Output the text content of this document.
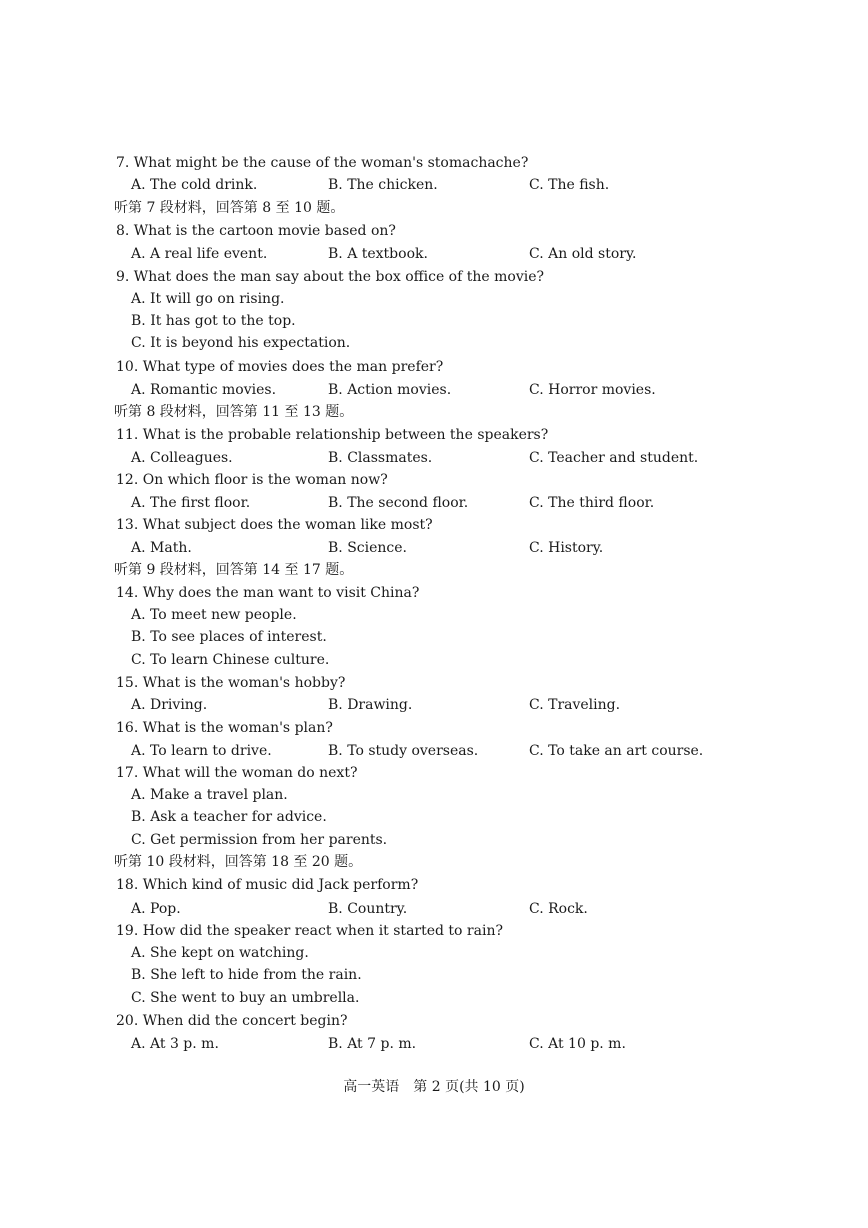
7. What might be the cause of the woman's stomachache?
A. The cold drink.	B. The chicken.	C. The fish.
听第 7 段材料，回答第 8 至 10 题。
8. What is the cartoon movie based on?
A. A real life event.	B. A textbook.	C. An old story.
9. What does the man say about the box office of the movie?
A. It will go on rising.
B. It has got to the top.
C. It is beyond his expectation.
10. What type of movies does the man prefer?
A. Romantic movies.	B. Action movies.	C. Horror movies.
听第 8 段材料，回答第 11 至 13 题。
11. What is the probable relationship between the speakers?
A. Colleagues.	B. Classmates.	C. Teacher and student.
12. On which floor is the woman now?
A. The first floor.	B. The second floor.	C. The third floor.
13. What subject does the woman like most?
A. Math.	B. Science.	C. History.
听第 9 段材料，回答第 14 至 17 题。
14. Why does the man want to visit China?
A. To meet new people.
B. To see places of interest.
C. To learn Chinese culture.
15. What is the woman's hobby?
A. Driving.	B. Drawing.	C. Traveling.
16. What is the woman's plan?
A. To learn to drive.	B. To study overseas.	C. To take an art course.
17. What will the woman do next?
A. Make a travel plan.
B. Ask a teacher for advice.
C. Get permission from her parents.
听第 10 段材料，回答第 18 至 20 题。
18. Which kind of music did Jack perform?
A. Pop.	B. Country.	C. Rock.
19. How did the speaker react when it started to rain?
A. She kept on watching.
B. She left to hide from the rain.
C. She went to buy an umbrella.
20. When did the concert begin?
A. At 3 p. m.	B. At 7 p. m.	C. At 10 p. m.
高一英语　第 2 页(共 10 页)
